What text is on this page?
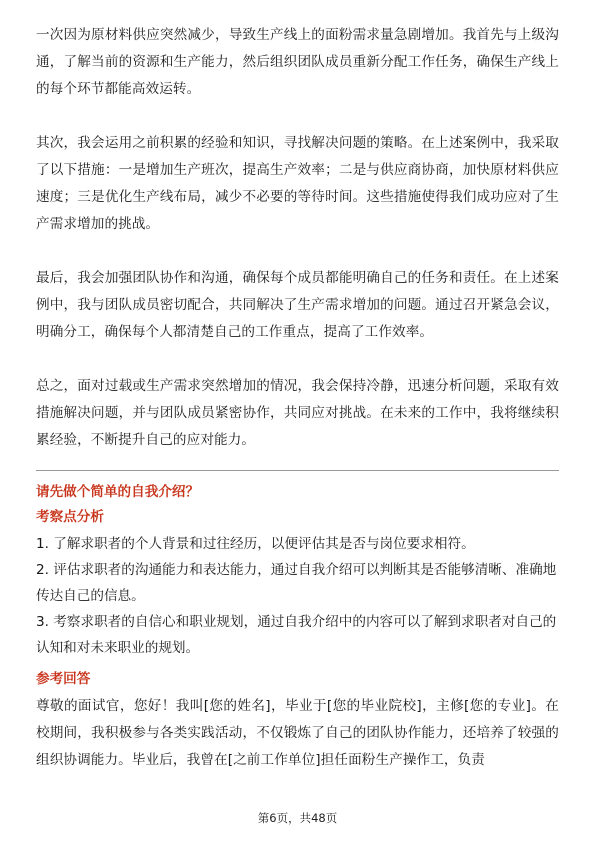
一次因为原材料供应突然减少，导致生产线上的面粉需求量急剧增加。我首先与上级沟通，了解当前的资源和生产能力，然后组织团队成员重新分配工作任务，确保生产线上的每个环节都能高效运转。

其次，我会运用之前积累的经验和知识，寻找解决问题的策略。在上述案例中，我采取了以下措施：一是增加生产班次，提高生产效率；二是与供应商协商，加快原材料供应速度；三是优化生产线布局，减少不必要的等待时间。这些措施使得我们成功应对了生产需求增加的挑战。

最后，我会加强团队协作和沟通，确保每个成员都能明确自己的任务和责任。在上述案例中，我与团队成员密切配合，共同解决了生产需求增加的问题。通过召开紧急会议，明确分工，确保每个人都清楚自己的工作重点，提高了工作效率。

总之，面对过载或生产需求突然增加的情况，我会保持冷静，迅速分析问题，采取有效措施解决问题，并与团队成员紧密协作，共同应对挑战。在未来的工作中，我将继续积累经验，不断提升自己的应对能力。

请先做个简单的自我介绍？

考察点分析

1. 了解求职者的个人背景和过往经历，以便评估其是否与岗位要求相符。

2. 评估求职者的沟通能力和表达能力，通过自我介绍可以判断其是否能够清晰、准确地传达自己的信息。

3. 考察求职者的自信心和职业规划，通过自我介绍中的内容可以了解到求职者对自己的认知和对未来职业的规划。

参考回答

尊敬的面试官，您好！我叫[您的姓名]，毕业于[您的毕业院校]，主修[您的专业]。在校期间，我积极参与各类实践活动，不仅锻炼了自己的团队协作能力，还培养了较强的组织协调能力。毕业后，我曾在[之前工作单位]担任面粉生产操作工，负责

第6页，共48页
